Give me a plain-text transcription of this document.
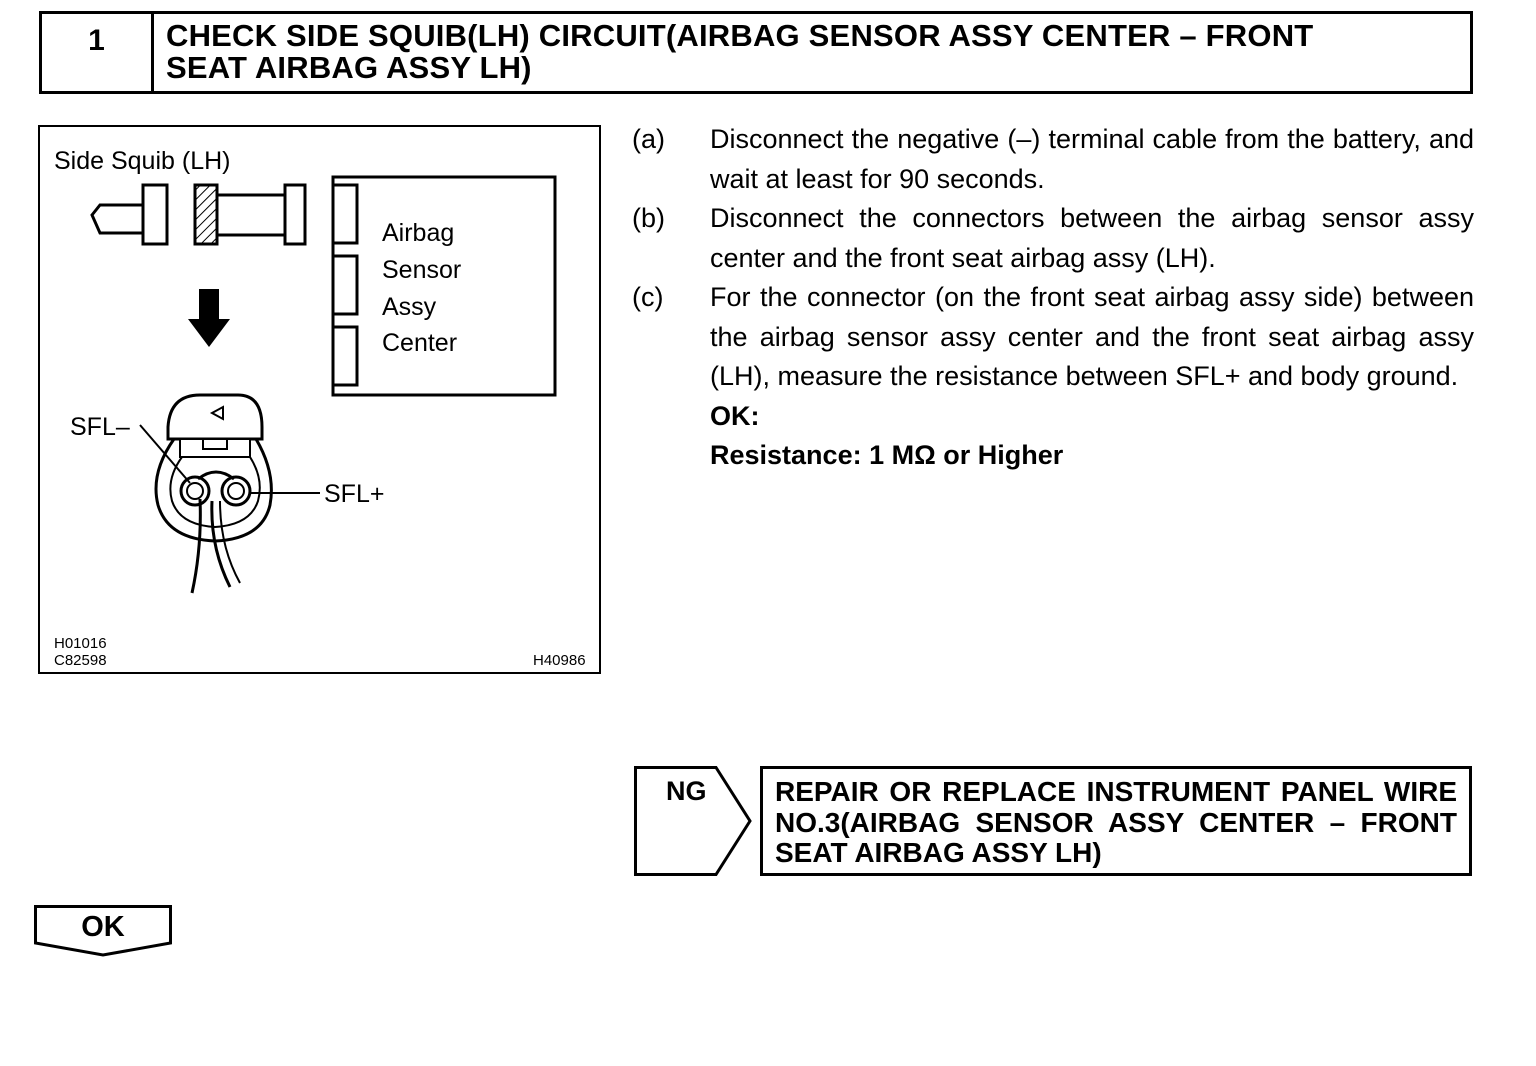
1	CHECK SIDE SQUIB(LH) CIRCUIT(AIRBAG SENSOR ASSY CENTER – FRONT
SEAT AIRBAG ASSY LH)
Side Squib (LH)
Airbag
Sensor
Assy
Center
SFL–
SFL+
H01016
C82598	H40986
(a)	Disconnect the negative (–) terminal cable from the battery, and wait at least for 90 seconds.
(b)	Disconnect the connectors between the airbag sensor assy center and the front seat airbag assy (LH).
(c)	For the connector (on the front seat airbag assy side) between the airbag sensor assy center and the front seat airbag assy (LH), measure the resistance between SFL+ and body ground.
OK:
Resistance: 1 MΩ or Higher
NG	REPAIR OR REPLACE INSTRUMENT PANEL WIRE NO.3(AIRBAG SENSOR ASSY CENTER – FRONT SEAT AIRBAG ASSY LH)
OK
